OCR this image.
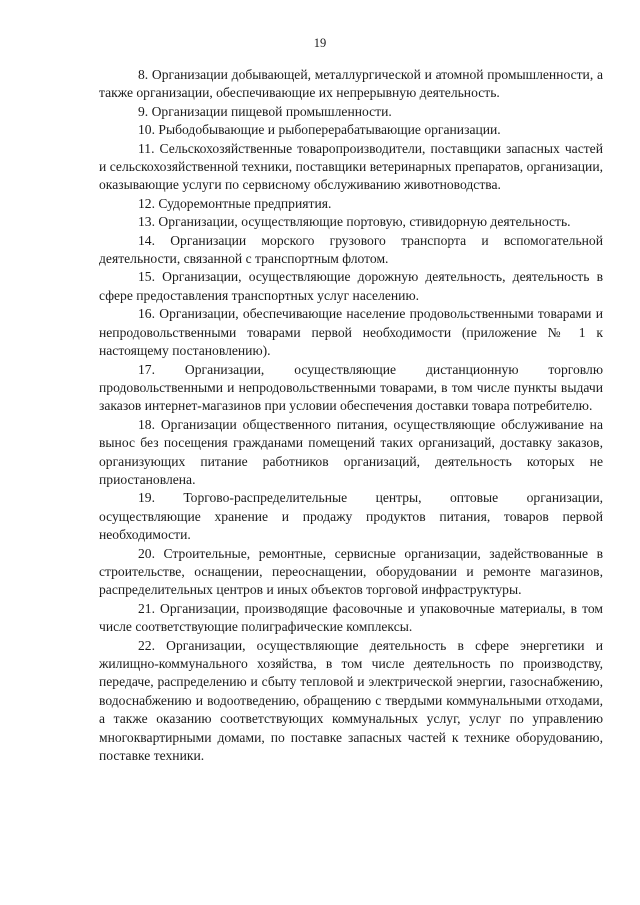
19

8. Организации добывающей, металлургической и атомной промышленности, а также организации, обеспечивающие их непрерывную деятельность.

9. Организации пищевой промышленности.

10. Рыбодобывающие и рыбоперерабатывающие организации.

11. Сельскохозяйственные товаропроизводители, поставщики запасных частей и сельскохозяйственной техники, поставщики ветеринарных препаратов, организации, оказывающие услуги по сервисному обслуживанию животноводства.

12. Судоремонтные предприятия.

13. Организации, осуществляющие портовую, стивидорную деятельность.

14. Организации морского грузового транспорта и вспомогательной деятельности, связанной с транспортным флотом.

15. Организации, осуществляющие дорожную деятельность, деятельность в сфере предоставления транспортных услуг населению.

16. Организации, обеспечивающие население продовольственными товарами и непродовольственными товарами первой необходимости (приложение № 1 к настоящему постановлению).

17. Организации, осуществляющие дистанционную торговлю продовольственными и непродовольственными товарами, в том числе пункты выдачи заказов интернет-магазинов при условии обеспечения доставки товара потребителю.

18. Организации общественного питания, осуществляющие обслуживание на вынос без посещения гражданами помещений таких организаций, доставку заказов, организующих питание работников организаций, деятельность которых не приостановлена.

19. Торгово-распределительные центры, оптовые организации, осуществляющие хранение и продажу продуктов питания, товаров первой необходимости.

20. Строительные, ремонтные, сервисные организации, задействованные в строительстве, оснащении, переоснащении, оборудовании и ремонте магазинов, распределительных центров и иных объектов торговой инфраструктуры.

21. Организации, производящие фасовочные и упаковочные материалы, в том числе соответствующие полиграфические комплексы.

22. Организации, осуществляющие деятельность в сфере энергетики и жилищно-коммунального хозяйства, в том числе деятельность по производству, передаче, распределению и сбыту тепловой и электрической энергии, газоснабжению, водоснабжению и водоотведению, обращению с твердыми коммунальными отходами, а также оказанию соответствующих коммунальных услуг, услуг по управлению многоквартирными домами, по поставке запасных частей к технике оборудованию, поставке техники.
